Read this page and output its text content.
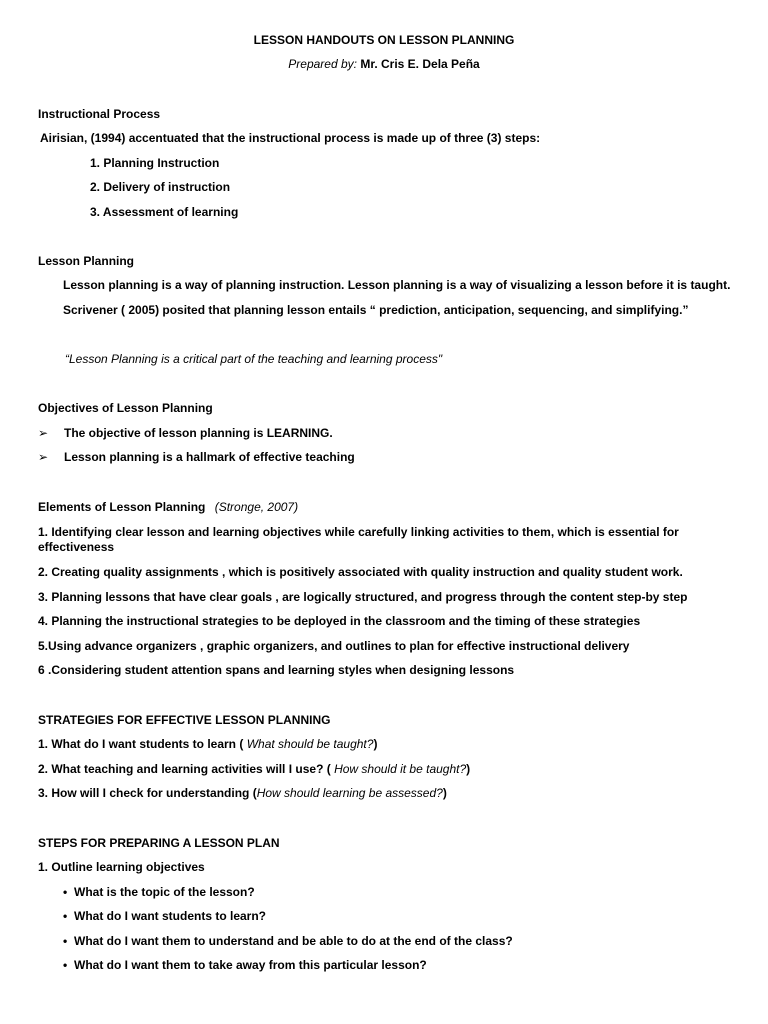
LESSON HANDOUTS ON LESSON PLANNING
Prepared by: Mr. Cris E. Dela Peña
Instructional Process
Airisian, (1994) accentuated that the instructional process is made up of three (3) steps:
1. Planning Instruction
2. Delivery of instruction
3. Assessment of learning
Lesson Planning
Lesson planning is a way of planning instruction. Lesson planning is a way of visualizing a lesson before it is taught.
Scrivener ( 2005) posited that planning lesson entails “ prediction, anticipation, sequencing, and simplifying.”
“Lesson Planning is a critical part of the teaching and learning process"
Objectives of Lesson Planning
➢ The objective of lesson planning is LEARNING.
➢ Lesson planning is a hallmark of effective teaching
Elements of Lesson Planning (Stronge, 2007)
1. Identifying clear lesson and learning objectives while carefully linking activities to them, which is essential for effectiveness
2. Creating quality assignments , which is positively associated with quality instruction and quality student work.
3. Planning lessons that have clear goals , are logically structured, and progress through the content step-by step
4. Planning the instructional strategies to be deployed in the classroom and the timing of these strategies
5.Using advance organizers , graphic organizers, and outlines to plan for effective instructional delivery
6 .Considering student attention spans and learning styles when designing lessons
STRATEGIES FOR EFFECTIVE LESSON PLANNING
1. What do I want students to learn ( What should be taught?)
2. What teaching and learning activities will I use? ( How should it be taught?)
3. How will I check for understanding (How should learning be assessed?)
STEPS FOR PREPARING A LESSON PLAN
1. Outline learning objectives
• What is the topic of the lesson?
• What do I want students to learn?
• What do I want them to understand and be able to do at the end of the class?
• What do I want them to take away from this particular lesson?
